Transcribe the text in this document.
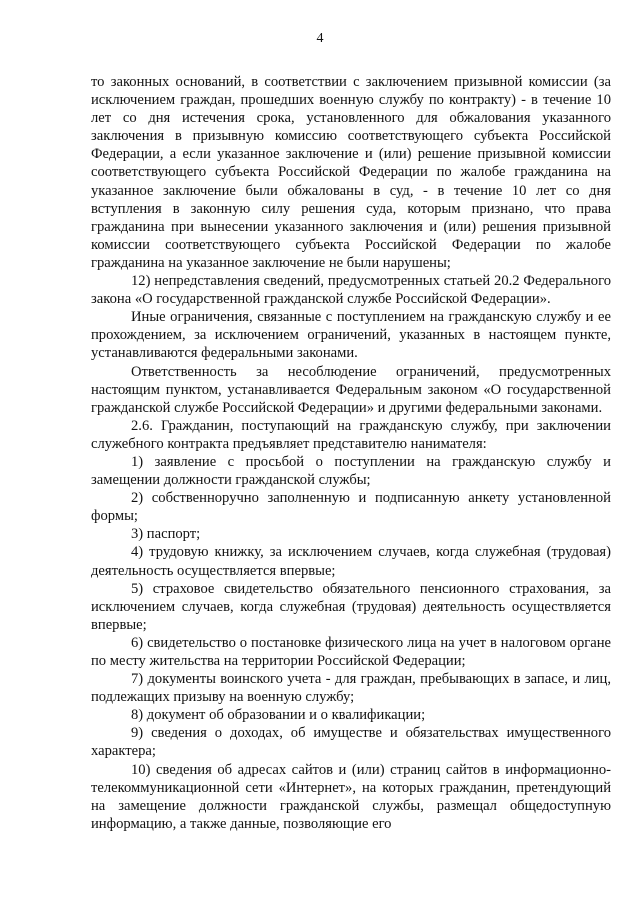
4

то законных оснований, в соответствии с заключением призывной комиссии (за исключением граждан, прошедших военную службу по контракту) - в течение 10 лет со дня истечения срока, установленного для обжалования указанного заключения в призывную комиссию соответствующего субъекта Российской Федерации, а если указанное заключение и (или) решение призывной комиссии соответствующего субъекта Российской Федерации по жалобе гражданина на указанное заключение были обжалованы в суд, - в течение 10 лет со дня вступления в законную силу решения суда, которым признано, что права гражданина при вынесении указанного заключения и (или) решения призывной комиссии соответствующего субъекта Российской Федерации по жалобе гражданина на указанное заключение не были нарушены;

12) непредставления сведений, предусмотренных статьей 20.2 Федерального закона «О государственной гражданской службе Российской Федерации».

Иные ограничения, связанные с поступлением на гражданскую службу и ее прохождением, за исключением ограничений, указанных в настоящем пункте, устанавливаются федеральными законами.

Ответственность за несоблюдение ограничений, предусмотренных настоящим пунктом, устанавливается Федеральным законом «О государственной гражданской службе Российской Федерации» и другими федеральными законами.

2.6. Гражданин, поступающий на гражданскую службу, при заключении служебного контракта предъявляет представителю нанимателя:

1) заявление с просьбой о поступлении на гражданскую службу и замещении должности гражданской службы;

2) собственноручно заполненную и подписанную анкету установленной формы;

3) паспорт;

4) трудовую книжку, за исключением случаев, когда служебная (трудовая) деятельность осуществляется впервые;

5) страховое свидетельство обязательного пенсионного страхования, за исключением случаев, когда служебная (трудовая) деятельность осуществляется впервые;

6) свидетельство о постановке физического лица на учет в налоговом органе по месту жительства на территории Российской Федерации;

7) документы воинского учета - для граждан, пребывающих в запасе, и лиц, подлежащих призыву на военную службу;

8) документ об образовании и о квалификации;

9) сведения о доходах, об имуществе и обязательствах имущественного характера;

10) сведения об адресах сайтов и (или) страниц сайтов в информационно-телекоммуникационной сети «Интернет», на которых гражданин, претендующий на замещение должности гражданской службы, размещал общедоступную информацию, а также данные, позволяющие его
